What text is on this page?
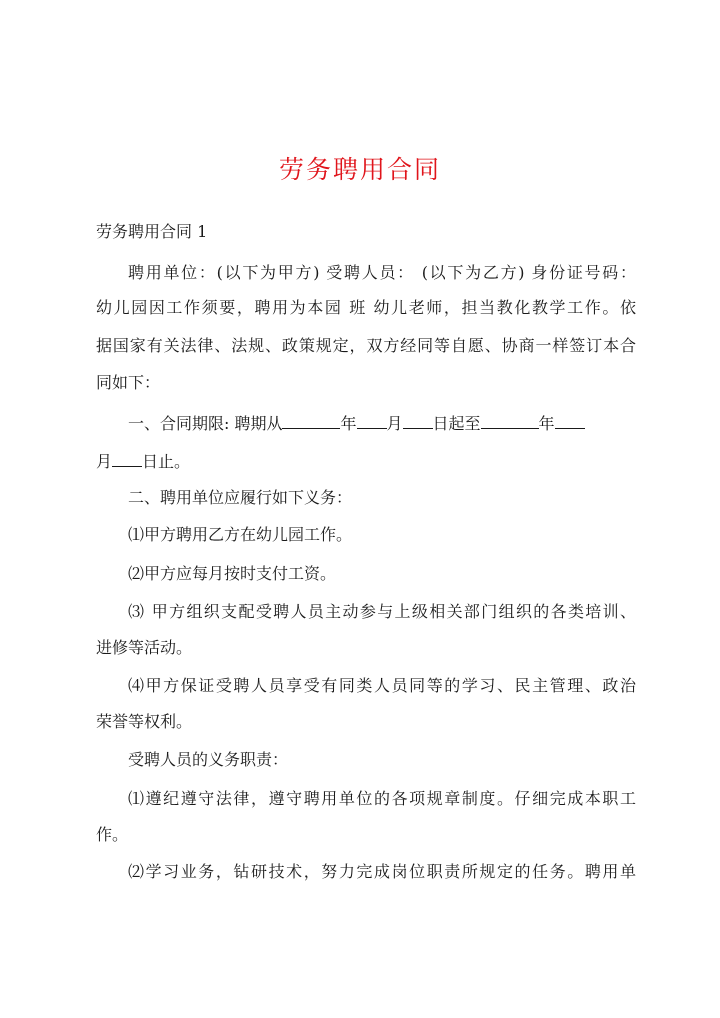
劳务聘用合同
劳务聘用合同 1
聘用单位：(以下为甲方) 受聘人员： (以下为乙方) 身份证号码：
幼儿园因工作须要，聘用为本园 班 幼儿老师，担当教化教学工作。依
据国家有关法律、法规、政策规定，双方经同等自愿、协商一样签订本合
同如下：
一、合同期限: 聘期从	年 月 日起至	年
月 日止。
二、聘用单位应履行如下义务：
⑴甲方聘用乙方在幼儿园工作。
⑵甲方应每月按时支付工资。
⑶ 甲方组织支配受聘人员主动参与上级相关部门组织的各类培训、
进修等活动。
⑷甲方保证受聘人员享受有同类人员同等的学习、民主管理、政治
荣誉等权利。
受聘人员的义务职责：
⑴遵纪遵守法律，遵守聘用单位的各项规章制度。仔细完成本职工
作。
⑵学习业务，钻研技术，努力完成岗位职责所规定的任务。聘用单
